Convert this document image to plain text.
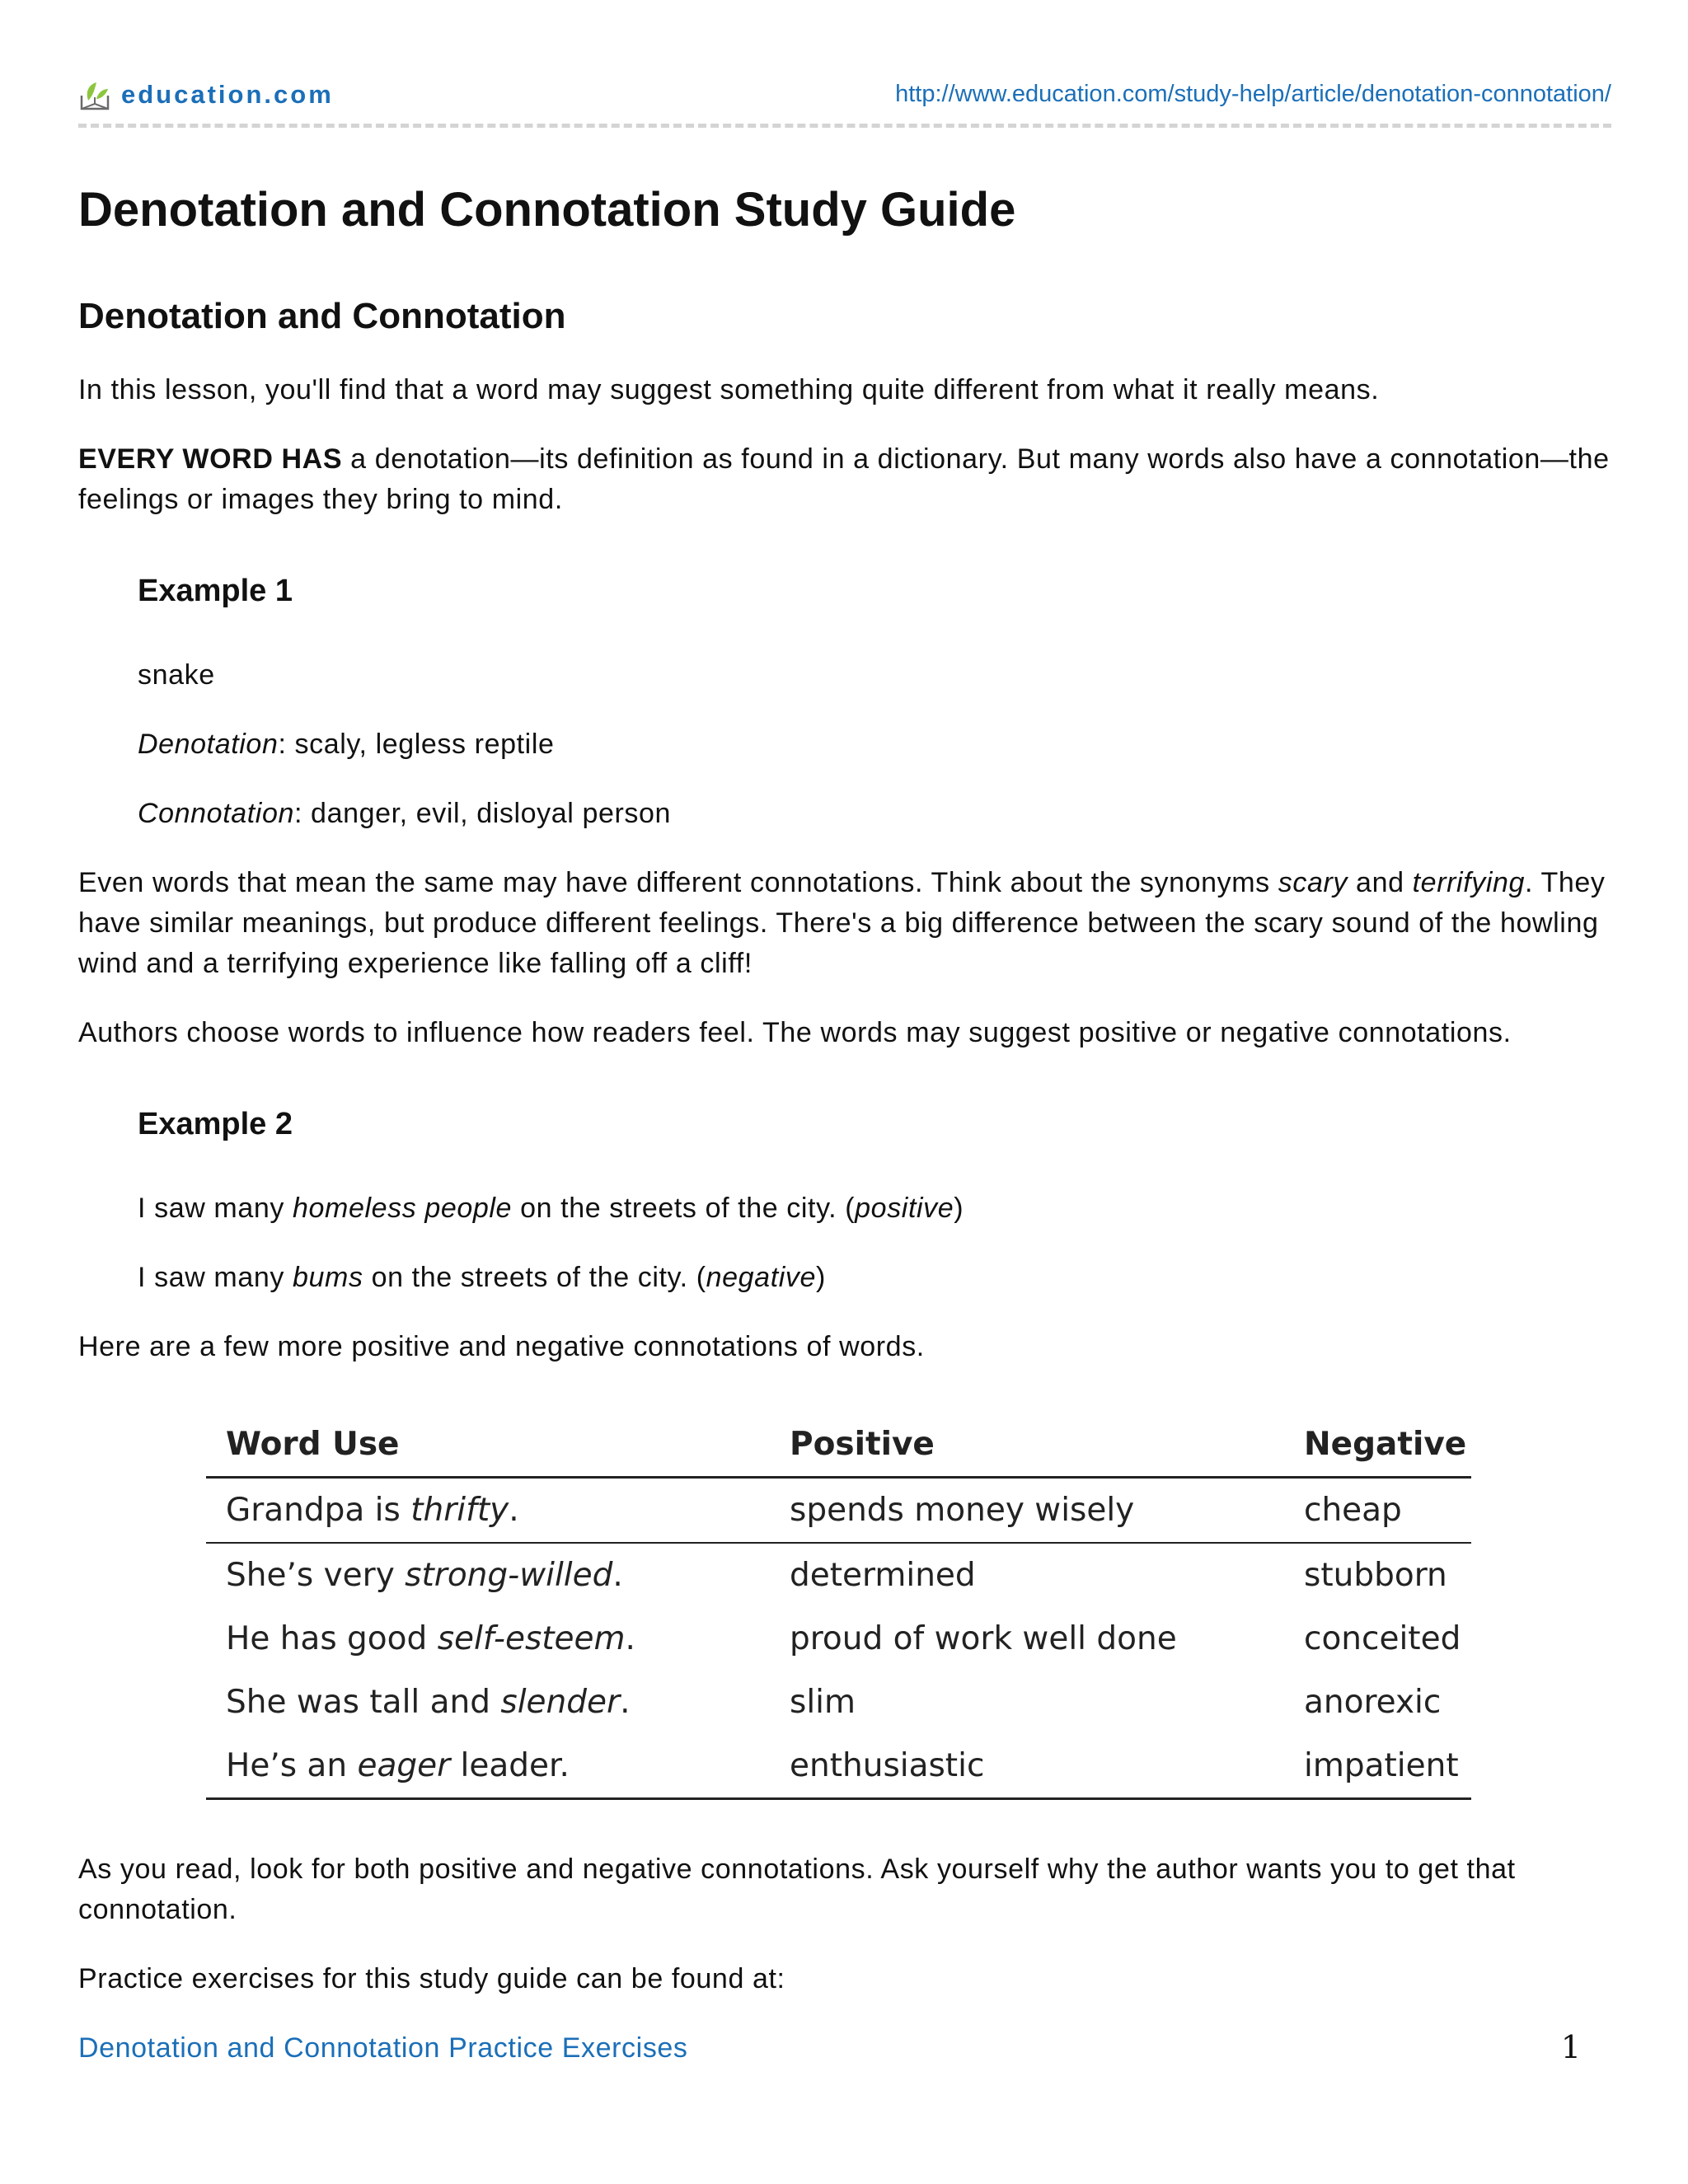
education.com	http://www.education.com/study-help/article/denotation-connotation/
Denotation and Connotation Study Guide
Denotation and Connotation

In this lesson, you'll find that a word may suggest something quite different from what it really means.

EVERY WORD HAS a denotation—its definition as found in a dictionary. But many words also have a connotation—the feelings or images they bring to mind.

Example 1

snake

Denotation: scaly, legless reptile

Connotation: danger, evil, disloyal person

Even words that mean the same may have different connotations. Think about the synonyms scary and terrifying. They have similar meanings, but produce different feelings. There's a big difference between the scary sound of the howling wind and a terrifying experience like falling off a cliff!

Authors choose words to influence how readers feel. The words may suggest positive or negative connotations.

Example 2

I saw many homeless people on the streets of the city. (positive)

I saw many bums on the streets of the city. (negative)

Here are a few more positive and negative connotations of words.

Word Use	Positive	Negative
Grandpa is thrifty.	spends money wisely	cheap
She’s very strong-willed.	determined	stubborn
He has good self-esteem.	proud of work well done	conceited
She was tall and slender.	slim	anorexic
He’s an eager leader.	enthusiastic	impatient

As you read, look for both positive and negative connotations. Ask yourself why the author wants you to get that connotation.

Practice exercises for this study guide can be found at:

Denotation and Connotation Practice Exercises	1
